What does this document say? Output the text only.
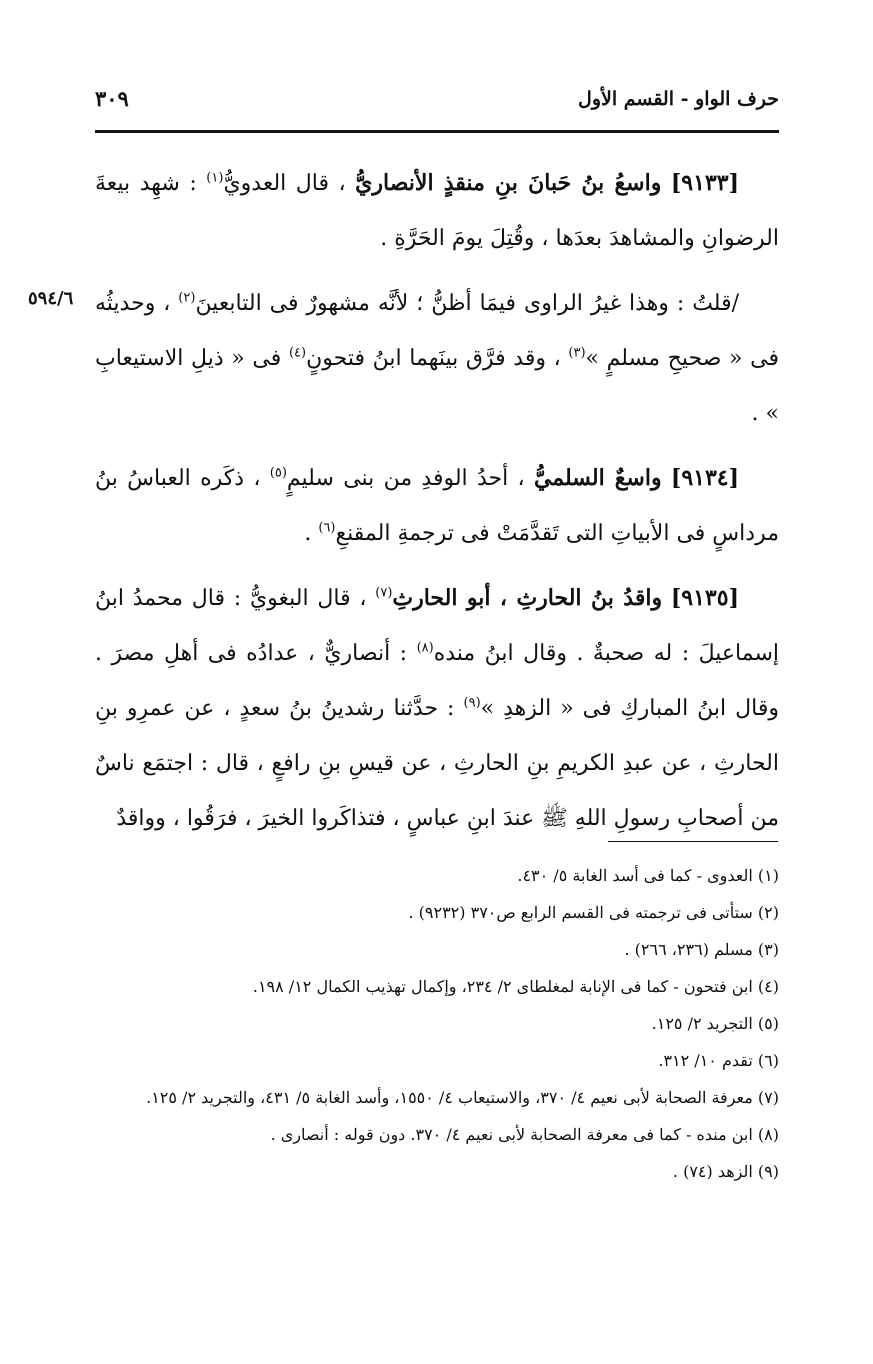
حرف الواو - القسم الأول
٣٠٩
٥٩٤/٦

[٩١٣٣] واسعُ بنُ حَبانَ بنِ منقذٍ الأنصاريُّ ، قال العدويُّ$^{(١)}$ : شهِد بيعةَ الرضوانِ والمشاهدَ بعدَها ، وقُتِلَ يومَ الحَرَّةِ .

/قلتُ : وهذا غيرُ الراوى فيمَا أظنُّ ؛ لأنَّه مشهورٌ فى التابعينَ$^{(٢)}$ ، وحديثُه فى « صحيحِ مسلمٍ »$^{(٣)}$ ، وقد فرَّق بينَهما ابنُ فتحونٍ$^{(٤)}$ فى « ذيلِ الاستيعابِ » .

[٩١٣٤] واسعٌ السلميُّ ، أحدُ الوفدِ من بنى سليمٍ$^{(٥)}$ ، ذكَره العباسُ بنُ مرداسٍ فى الأبياتِ التى تَقدَّمَتْ فى ترجمةِ المقنعِ$^{(٦)}$ .

[٩١٣٥] واقدُ بنُ الحارثِ ، أبو الحارثِ$^{(٧)}$ ، قال البغويُّ : قال محمدُ ابنُ إسماعيلَ : له صحبةٌ . وقال ابنُ منده$^{(٨)}$ : أنصاريٌّ ، عدادُه فى أهلِ مصرَ . وقال ابنُ المباركِ فى « الزهدِ »$^{(٩)}$ : حدَّثنا رشدينُ بنُ سعدٍ ، عن عمرِو بنِ الحارثِ ، عن عبدِ الكريمِ بنِ الحارثِ ، عن قيسِ بنِ رافعٍ ، قال : اجتمَع ناسٌ من أصحابِ رسولِ اللهِ ﷺ عندَ ابنِ عباسٍ ، فتذاكَروا الخيرَ ، فرَقُوا ، وواقدٌ

(١) العدوى - كما فى أسد الغابة ٥/ ٤٣٠.
(٢) ستأتى فى ترجمته فى القسم الرابع ص٣٧٠ (٩٢٣٢) .
(٣) مسلم (٢٣٦، ٢٦٦) .
(٤) ابن فتحون - كما فى الإنابة لمغلطاى ٢/ ٢٣٤، وإكمال تهذيب الكمال ١٢/ ١٩٨.
(٥) التجريد ٢/ ١٢٥.
(٦) تقدم ١٠/ ٣١٢.
(٧) معرفة الصحابة لأبى نعيم ٤/ ٣٧٠، والاستيعاب ٤/ ١٥٥٠، وأسد الغابة ٥/ ٤٣١، والتجريد ٢/ ١٢٥.
(٨) ابن منده - كما فى معرفة الصحابة لأبى نعيم ٤/ ٣٧٠. دون قوله : أنصارى .
(٩) الزهد (٧٤) .
